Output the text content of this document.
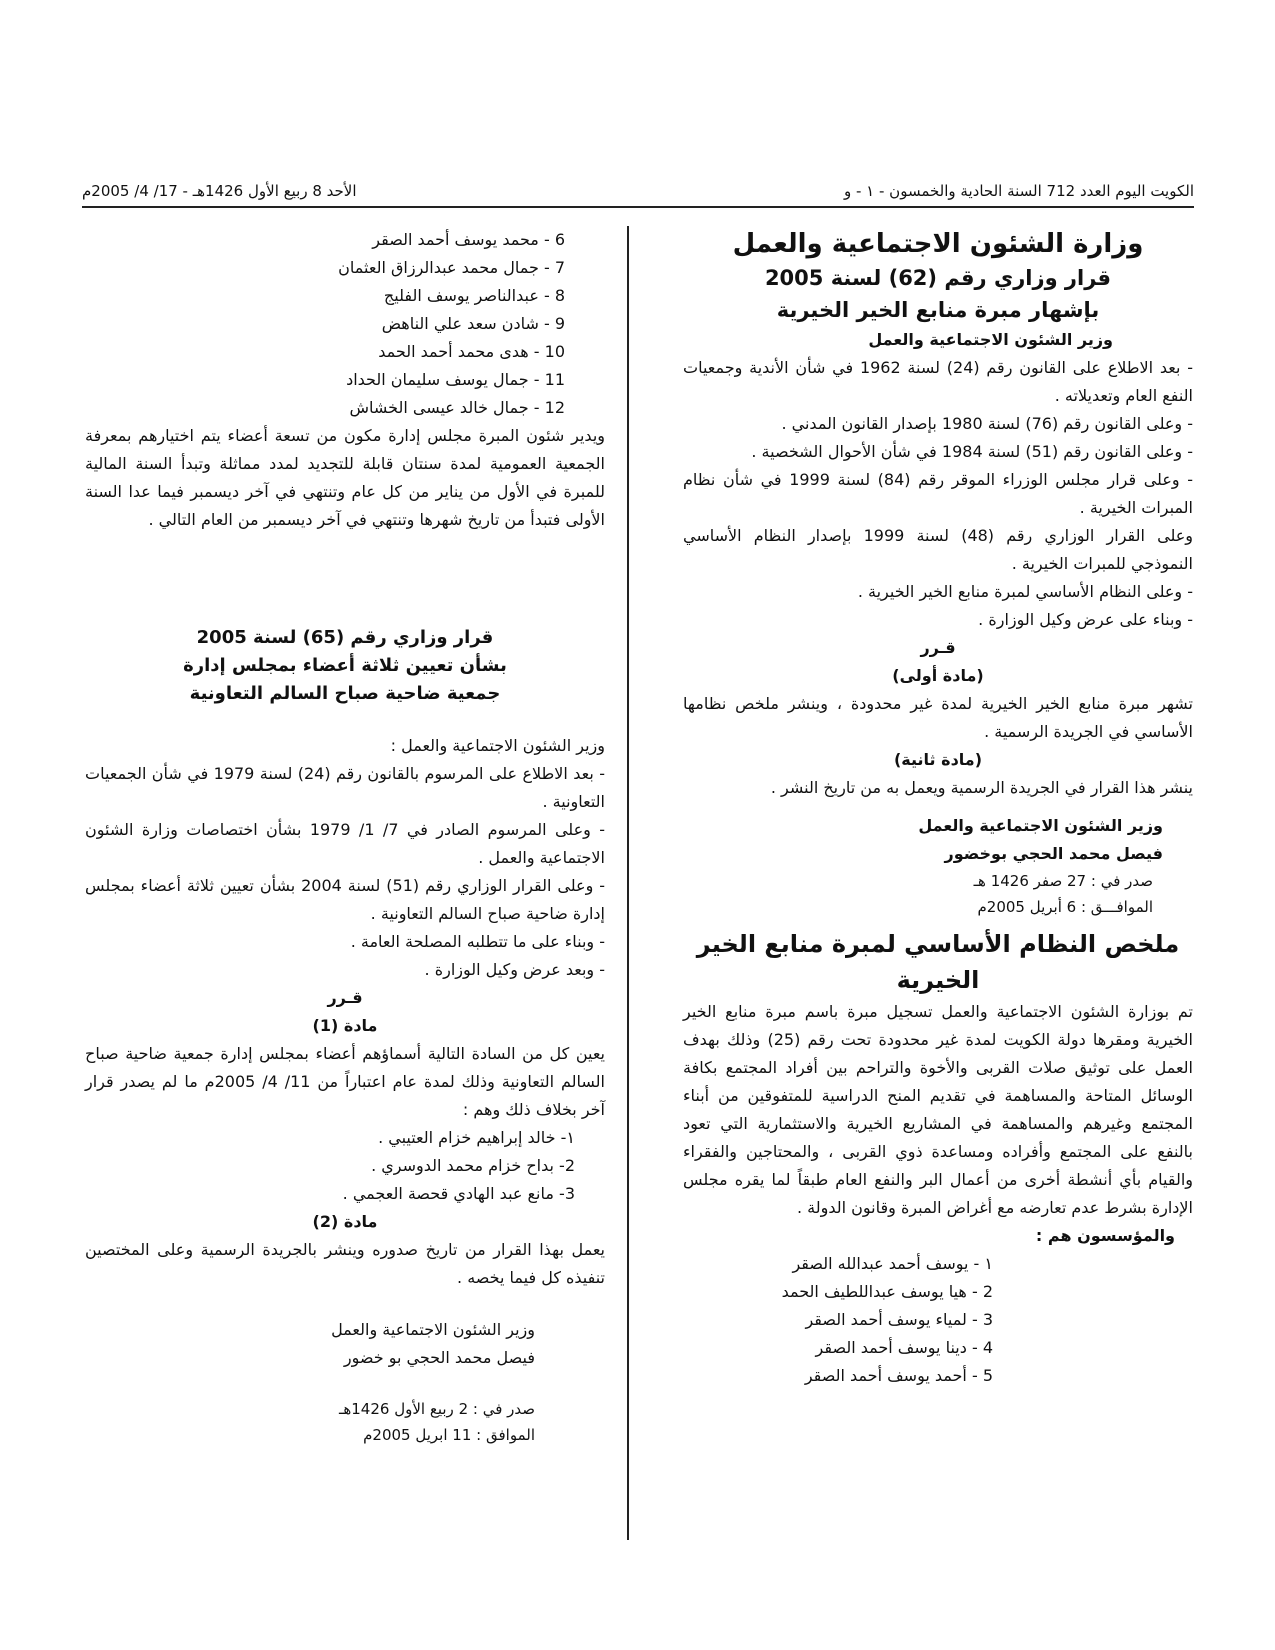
الكويت اليوم العدد 712 السنة الحادية والخمسون - ١ - و
الأحد 8 ربيع الأول 1426هـ - 17/ 4/ 2005م
وزارة الشئون الاجتماعية والعمل
قرار وزاري رقم (62) لسنة 2005
بإشهار مبرة منابع الخير الخيرية
وزير الشئون الاجتماعية والعمل

- بعد الاطلاع على القانون رقم (24) لسنة 1962 في شأن الأندية وجمعيات النفع العام وتعديلاته .

- وعلى القانون رقم (76) لسنة 1980 بإصدار القانون المدني .

- وعلى القانون رقم (51) لسنة 1984 في شأن الأحوال الشخصية .

- وعلى قرار مجلس الوزراء الموقر رقم (84) لسنة 1999 في شأن نظام المبرات الخيرية .

وعلى القرار الوزاري رقم (48) لسنة 1999 بإصدار النظام الأساسي النموذجي للمبرات الخيرية .

- وعلى النظام الأساسي لمبرة منابع الخير الخيرية .

- وبناء على عرض وكيل الوزارة .

قـرر
(مادة أولى)

تشهر مبرة منابع الخير الخيرية لمدة غير محدودة ، وينشر ملخص نظامها الأساسي في الجريدة الرسمية .

(مادة ثانية)

ينشر هذا القرار في الجريدة الرسمية ويعمل به من تاريخ النشر .

وزير الشئون الاجتماعية والعمل
فيصل محمد الحجي بوخضور
صدر في : 27 صفر 1426 هـ
الموافـــق : 6 أبريل 2005م
ملخص النظام الأساسي لمبرة منابع الخير الخيرية

تم بوزارة الشئون الاجتماعية والعمل تسجيل مبرة باسم مبرة منابع الخير الخيرية ومقرها دولة الكويت لمدة غير محدودة تحت رقم (25) وذلك بهدف العمل على توثيق صلات القربى والأخوة والتراحم بين أفراد المجتمع بكافة الوسائل المتاحة والمساهمة في تقديم المنح الدراسية للمتفوقين من أبناء المجتمع وغيرهم والمساهمة في المشاريع الخيرية والاستثمارية التي تعود بالنفع على المجتمع وأفراده ومساعدة ذوي القربى ، والمحتاجين والفقراء والقيام بأي أنشطة أخرى من أعمال البر والنفع العام طبقاً لما يقره مجلس الإدارة بشرط عدم تعارضه مع أغراض المبرة وقانون الدولة .

والمؤسسون هم :
١ - يوسف أحمد عبدالله الصقر
2 - هيا يوسف عبداللطيف الحمد
3 - لمياء يوسف أحمد الصقر
4 - دينا يوسف أحمد الصقر
5 - أحمد يوسف أحمد الصقر
6 - محمد يوسف أحمد الصقر
7 - جمال محمد عبدالرزاق العثمان
8 - عبدالناصر يوسف الفليج
9 - شادن سعد علي الناهض
10 - هدى محمد أحمد الحمد
11 - جمال يوسف سليمان الحداد
12 - جمال خالد عيسى الخشاش

ويدير شئون المبرة مجلس إدارة مكون من تسعة أعضاء يتم اختيارهم بمعرفة الجمعية العمومية لمدة سنتان قابلة للتجديد لمدد مماثلة وتبدأ السنة المالية للمبرة في الأول من يناير من كل عام وتنتهي في آخر ديسمبر فيما عدا السنة الأولى فتبدأ من تاريخ شهرها وتنتهي في آخر ديسمبر من العام التالي .

قرار وزاري رقم (65) لسنة 2005
بشأن تعيين ثلاثة أعضاء بمجلس إدارة
جمعية ضاحية صباح السالم التعاونية
وزير الشئون الاجتماعية والعمل :

- بعد الاطلاع على المرسوم بالقانون رقم (24) لسنة 1979 في شأن الجمعيات التعاونية .

- وعلى المرسوم الصادر في 7/ 1/ 1979 بشأن اختصاصات وزارة الشئون الاجتماعية والعمل .

- وعلى القرار الوزاري رقم (51) لسنة 2004 بشأن تعيين ثلاثة أعضاء بمجلس إدارة ضاحية صباح السالم التعاونية .

- وبناء على ما تتطلبه المصلحة العامة .

- وبعد عرض وكيل الوزارة .

قـرر
مادة (1)

يعين كل من السادة التالية أسماؤهم أعضاء بمجلس إدارة جمعية ضاحية صباح السالم التعاونية وذلك لمدة عام اعتباراً من 11/ 4/ 2005م ما لم يصدر قرار آخر بخلاف ذلك وهم :

١- خالد إبراهيم خزام العتيبي .
2- بداح خزام محمد الدوسري .
3- مانع عبد الهادي قحصة العجمي .
مادة (2)

يعمل بهذا القرار من تاريخ صدوره وينشر بالجريدة الرسمية وعلى المختصين تنفيذه كل فيما يخصه .

وزير الشئون الاجتماعية والعمل
فيصل محمد الحجي بو خضور
صدر في : 2 ربيع الأول 1426هـ
الموافق : 11 ابريل 2005م
